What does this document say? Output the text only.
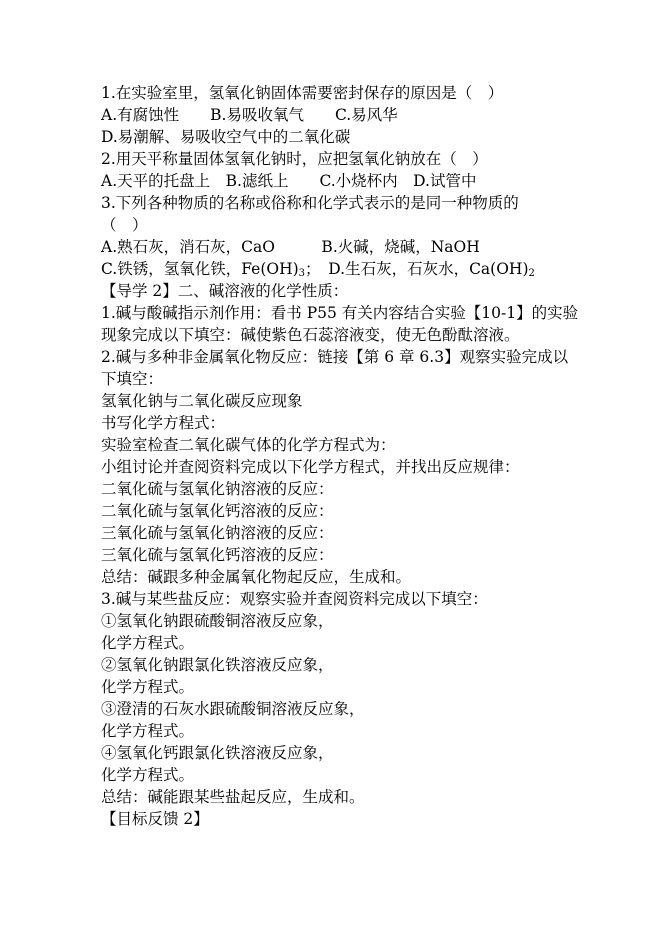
1.在实验室里，氢氧化钠固体需要密封保存的原因是（　）
A.有腐蚀性　　B.易吸收氧气　　C.易风华
D.易潮解、易吸收空气中的二氧化碳
2.用天平称量固体氢氧化钠时，应把氢氧化钠放在（　）
A.天平的托盘上　B.滤纸上　　C.小烧杯内　D.试管中
3.下列各种物质的名称或俗称和化学式表示的是同一种物质的
（　）
A.熟石灰，消石灰，CaO　　　B.火碱，烧碱，NaOH
C.铁锈，氢氧化铁，$Fe(OH)_3$；　D.生石灰，石灰水，$Ca(OH)_2$
【导学 2】二、碱溶液的化学性质：
1.碱与酸碱指示剂作用：看书 P55 有关内容结合实验【10-1】的实验
现象完成以下填空：碱使紫色石蕊溶液变，使无色酚酞溶液。
2.碱与多种非金属氧化物反应：链接【第 6 章 6.3】观察实验完成以
下填空：
氢氧化钠与二氧化碳反应现象
书写化学方程式：
实验室检查二氧化碳气体的化学方程式为：
小组讨论并查阅资料完成以下化学方程式，并找出反应规律：
二氧化硫与氢氧化钠溶液的反应：
二氧化硫与氢氧化钙溶液的反应：
三氧化硫与氢氧化钠溶液的反应：
三氧化硫与氢氧化钙溶液的反应：
总结：碱跟多种金属氧化物起反应，生成和。
3.碱与某些盐反应：观察实验并查阅资料完成以下填空：
①氢氧化钠跟硫酸铜溶液反应象，
化学方程式。
②氢氧化钠跟氯化铁溶液反应象，
化学方程式。
③澄清的石灰水跟硫酸铜溶液反应象，
化学方程式。
④氢氧化钙跟氯化铁溶液反应象，
化学方程式。
总结：碱能跟某些盐起反应，生成和。
【目标反馈 2】
